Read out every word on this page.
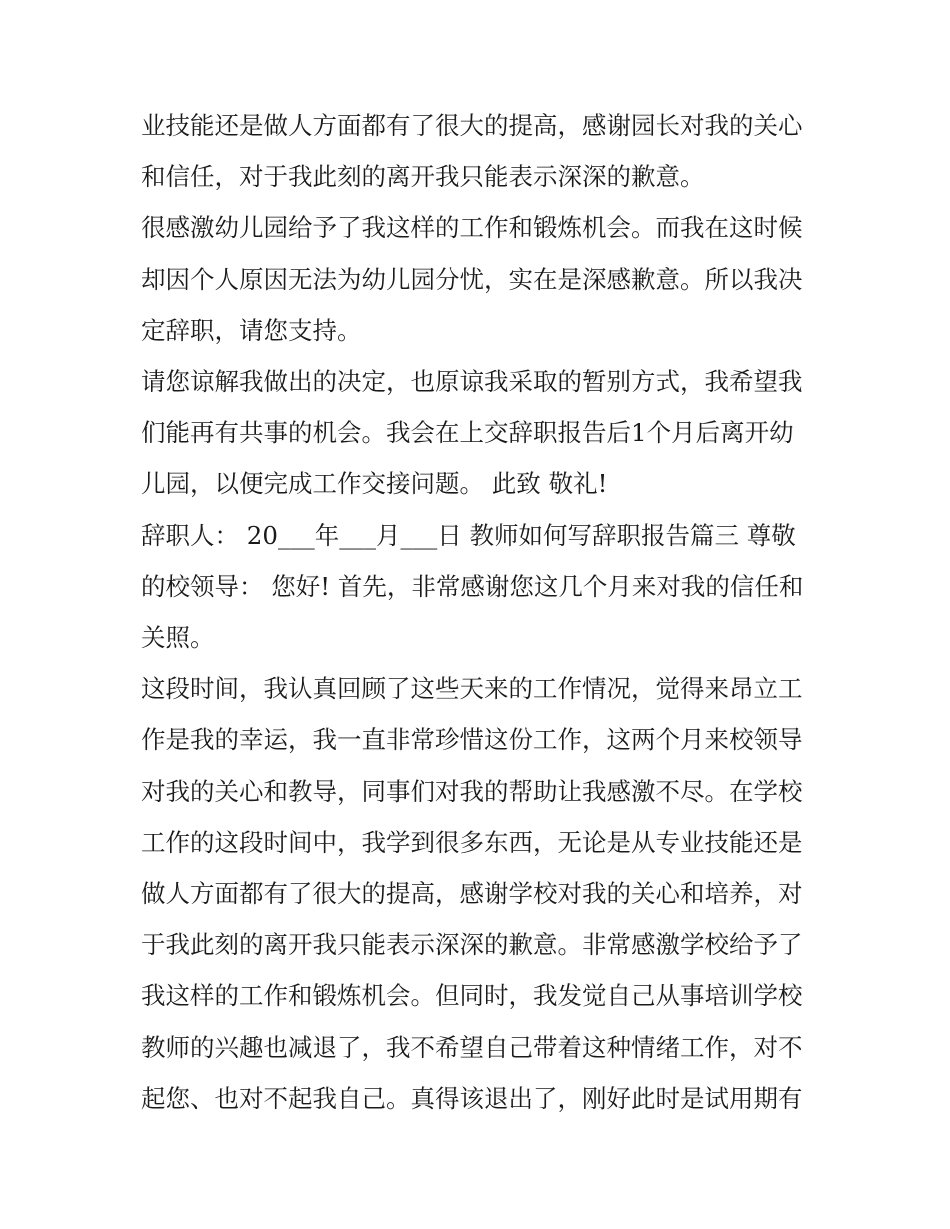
业技能还是做人方面都有了很大的提高，感谢园长对我的关心
和信任，对于我此刻的离开我只能表示深深的歉意。

很感激幼儿园给予了我这样的工作和锻炼机会。而我在这时候
却因个人原因无法为幼儿园分忧，实在是深感歉意。所以我决
定辞职，请您支持。

请您谅解我做出的决定，也原谅我采取的暂别方式，我希望我
们能再有共事的机会。我会在上交辞职报告后1个月后离开幼
儿园，以便完成工作交接问题。 此致 敬礼!

辞职人： 20___年___月___日 教师如何写辞职报告篇三 尊敬
的校领导： 您好! 首先，非常感谢您这几个月来对我的信任和
关照。

这段时间，我认真回顾了这些天来的工作情况，觉得来昂立工
作是我的幸运，我一直非常珍惜这份工作，这两个月来校领导
对我的关心和教导，同事们对我的帮助让我感激不尽。在学校
工作的这段时间中，我学到很多东西，无论是从专业技能还是
做人方面都有了很大的提高，感谢学校对我的关心和培养，对
于我此刻的离开我只能表示深深的歉意。非常感激学校给予了
我这样的工作和锻炼机会。但同时，我发觉自己从事培训学校
教师的兴趣也减退了，我不希望自己带着这种情绪工作，对不
起您、也对不起我自己。真得该退出了，刚好此时是试用期有
